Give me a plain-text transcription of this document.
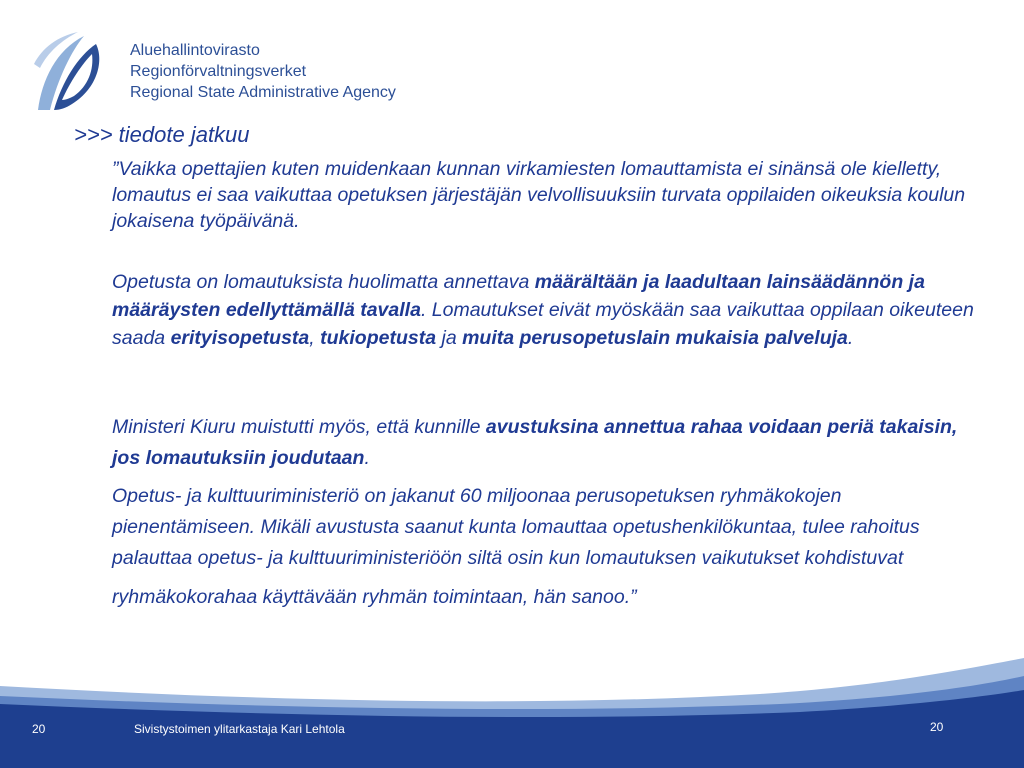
Aluehallintovirasto
Regionförvaltningsverket
Regional State Administrative Agency
>>> tiedote jatkuu

”Vaikka opettajien kuten muidenkaan kunnan virkamiesten lomauttamista ei sinänsä ole kielletty, lomautus ei saa vaikuttaa opetuksen järjestäjän velvollisuuksiin turvata oppilaiden oikeuksia koulun jokaisena työpäivänä.

Opetusta on lomautuksista huolimatta annettava määrältään ja laadultaan lainsäädännön ja määräysten edellyttämällä tavalla. Lomautukset eivät myöskään saa vaikuttaa oppilaan oikeuteen saada erityisopetusta, tukiopetusta ja muita perusopetuslain mukaisia palveluja.

Ministeri Kiuru muistutti myös, että kunnille avustuksina annettua rahaa voidaan periä takaisin, jos lomautuksiin joudutaan.

Opetus- ja kulttuuriministeriö on jakanut 60 miljoonaa perusopetuksen ryhmäkokojen pienentämiseen. Mikäli avustusta saanut kunta lomauttaa opetushenkilökuntaa, tulee rahoitus palauttaa opetus- ja kulttuuriministeriöön siltä osin kun lomautuksen vaikutukset kohdistuvat
ryhmäkokorahaa käyttävään ryhmän toimintaan, hän sanoo.”

20	Sivistystoimen ylitarkastaja Kari Lehtola	20
